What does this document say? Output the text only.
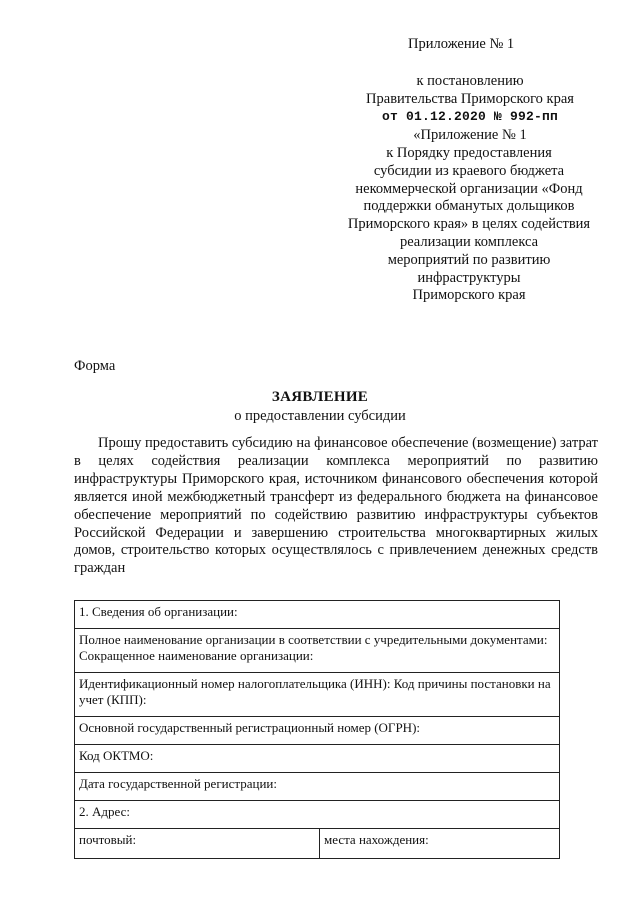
Приложение № 1
к постановлению
Правительства Приморского края
от 01.12.2020 № 992-пп
«Приложение № 1
к Порядку предоставления
субсидии из краевого бюджета
некоммерческой организации «Фонд
поддержки обманутых дольщиков
Приморского края» в целях содействия
реализации комплекса
мероприятий по развитию
инфраструктуры
Приморского края
Форма
ЗАЯВЛЕНИЕ
о предоставлении субсидии
Прошу предоставить субсидию на финансовое обеспечение (возмещение) затрат в целях содействия реализации комплекса мероприятий по развитию инфраструктуры Приморского края, источником финансового обеспечения которой является иной межбюджетный трансферт из федерального бюджета на финансовое обеспечение мероприятий по содействию развитию инфраструктуры субъектов Российской Федерации и завершению строительства многоквартирных жилых домов, строительство которых осуществлялось с привлечением денежных средств граждан
1. Сведения об организации:

Полное наименование организации в соответствии с учредительными документами:
Сокращенное наименование организации:

Идентификационный номер налогоплательщика (ИНН): Код причины постановки на учет (КПП):
Основной государственный регистрационный номер (ОГРН):
Код ОКТМО:
Дата государственной регистрации:
2. Адрес:
почтовый:	места нахождения:
